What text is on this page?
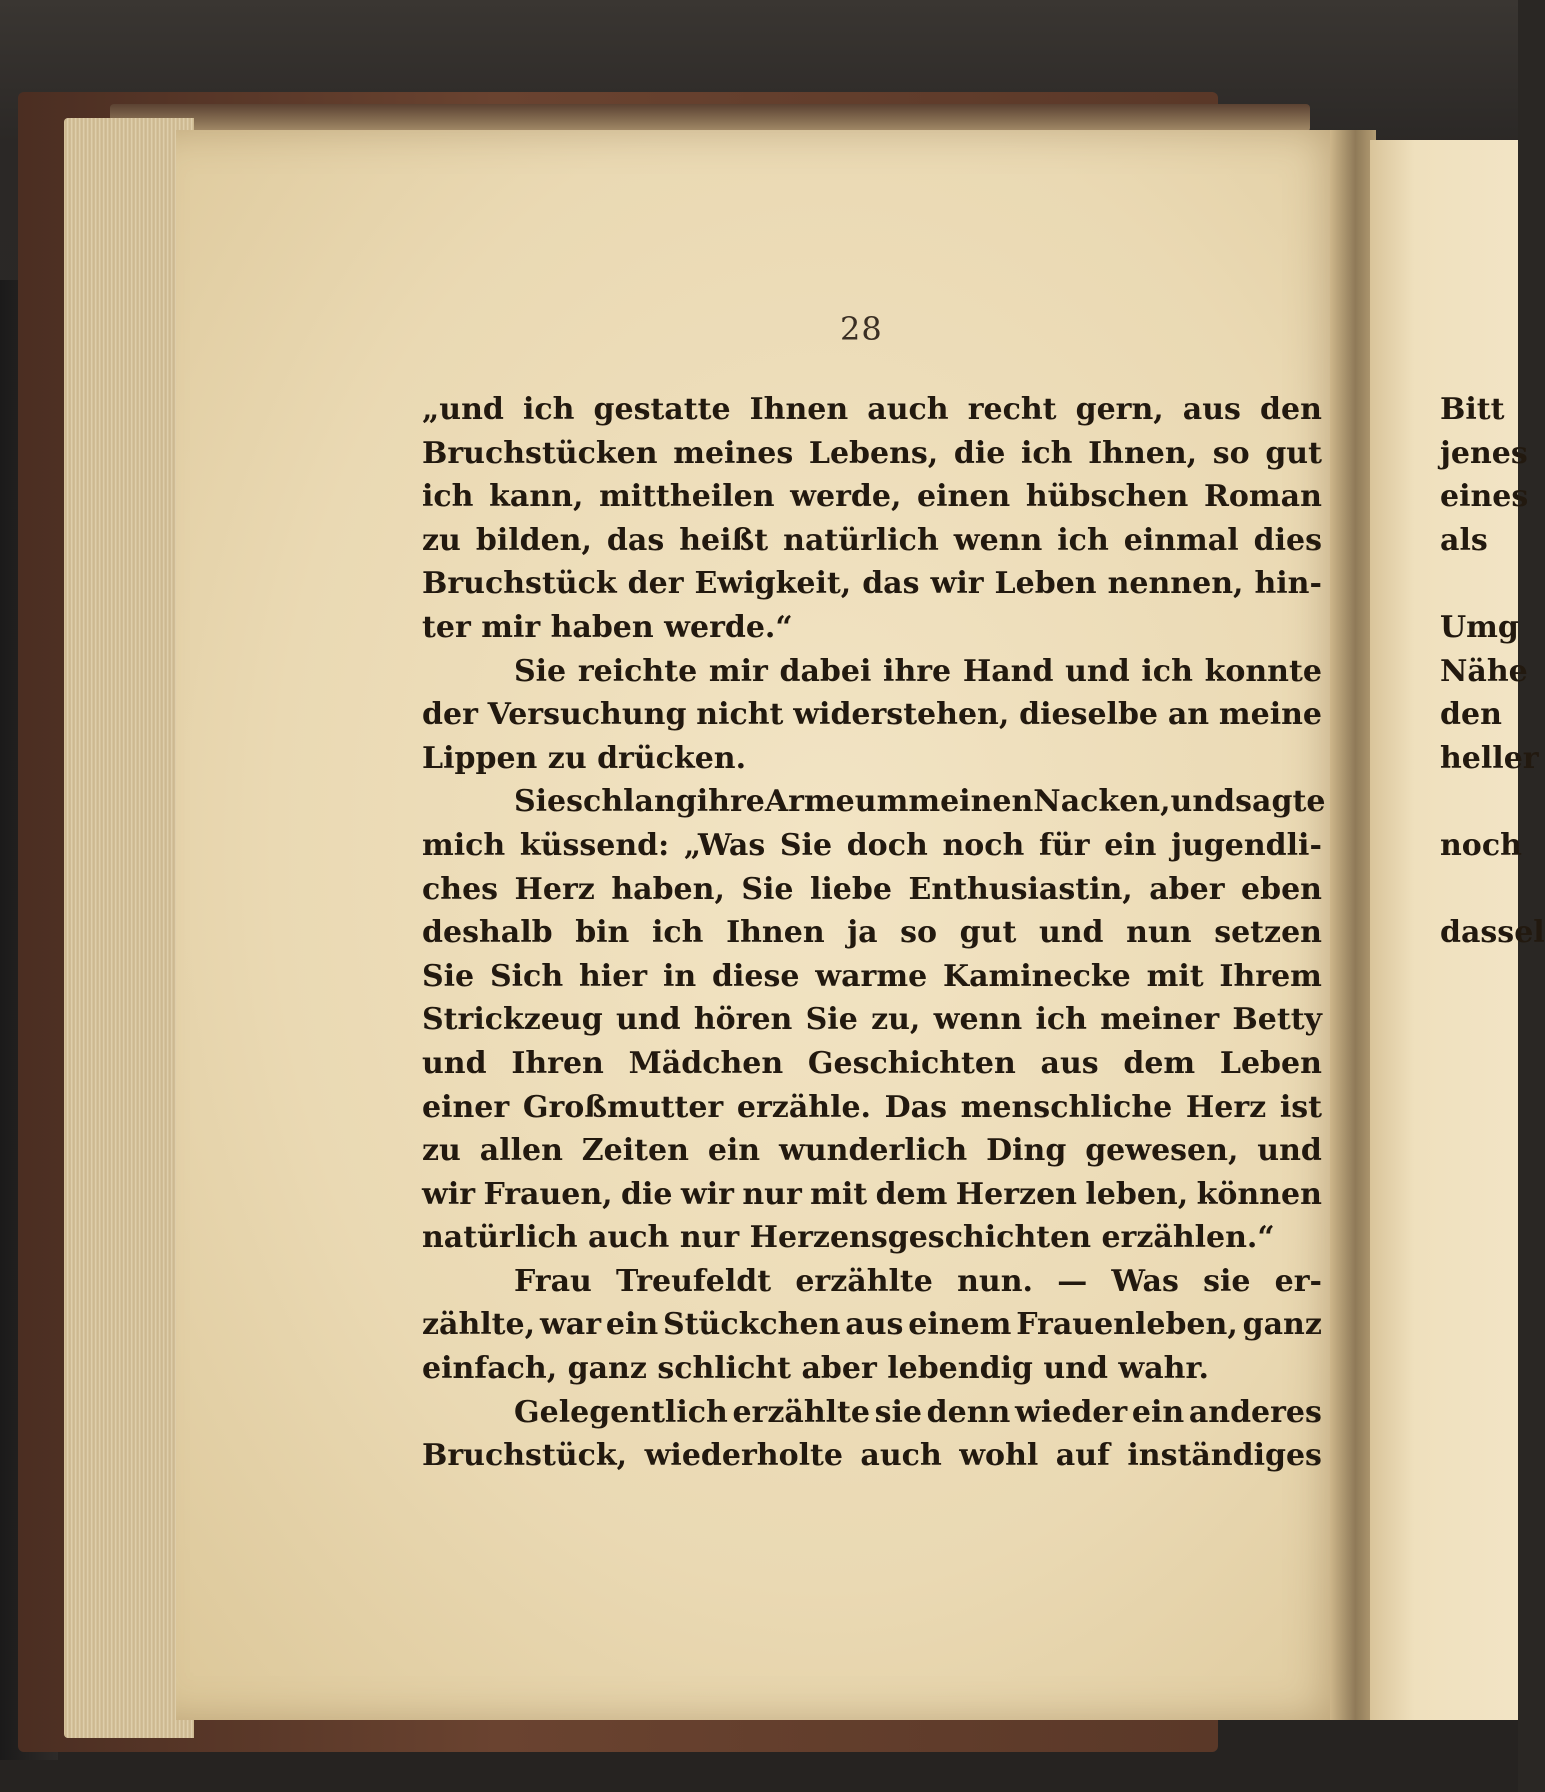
28
„und ich gestatte Ihnen auch recht gern, aus den
Bruchstücken meines Lebens, die ich Ihnen, so gut
ich kann, mittheilen werde, einen hübschen Roman
zu bilden, das heißt natürlich wenn ich einmal dies
Bruchstück der Ewigkeit, das wir Leben nennen, hin-
ter mir haben werde.“
Sie reichte mir dabei ihre Hand und ich konnte
der Versuchung nicht widerstehen, dieselbe an meine
Lippen zu drücken.
Sie schlang ihre Arme um meinen Nacken, und sagte
mich küssend: „Was Sie doch noch für ein jugendli-
ches Herz haben, Sie liebe Enthusiastin, aber eben
deshalb bin ich Ihnen ja so gut und nun setzen
Sie Sich hier in diese warme Kaminecke mit Ihrem
Strickzeug und hören Sie zu, wenn ich meiner Betty
und Ihren Mädchen Geschichten aus dem Leben
einer Großmutter erzähle. Das menschliche Herz ist
zu allen Zeiten ein wunderlich Ding gewesen, und
wir Frauen, die wir nur mit dem Herzen leben, können
natürlich auch nur Herzensgeschichten erzählen.“
Frau Treufeldt erzählte nun. — Was sie er-
zählte, war ein Stückchen aus einem Frauenleben, ganz
einfach, ganz schlicht aber lebendig und wahr.
Gelegentlich erzählte sie denn wieder ein anderes
Bruchstück, wiederholte auch wohl auf inständiges
Bitt
jenes
eines
als
Umg
Nähe
den
heller
noch
dassel
